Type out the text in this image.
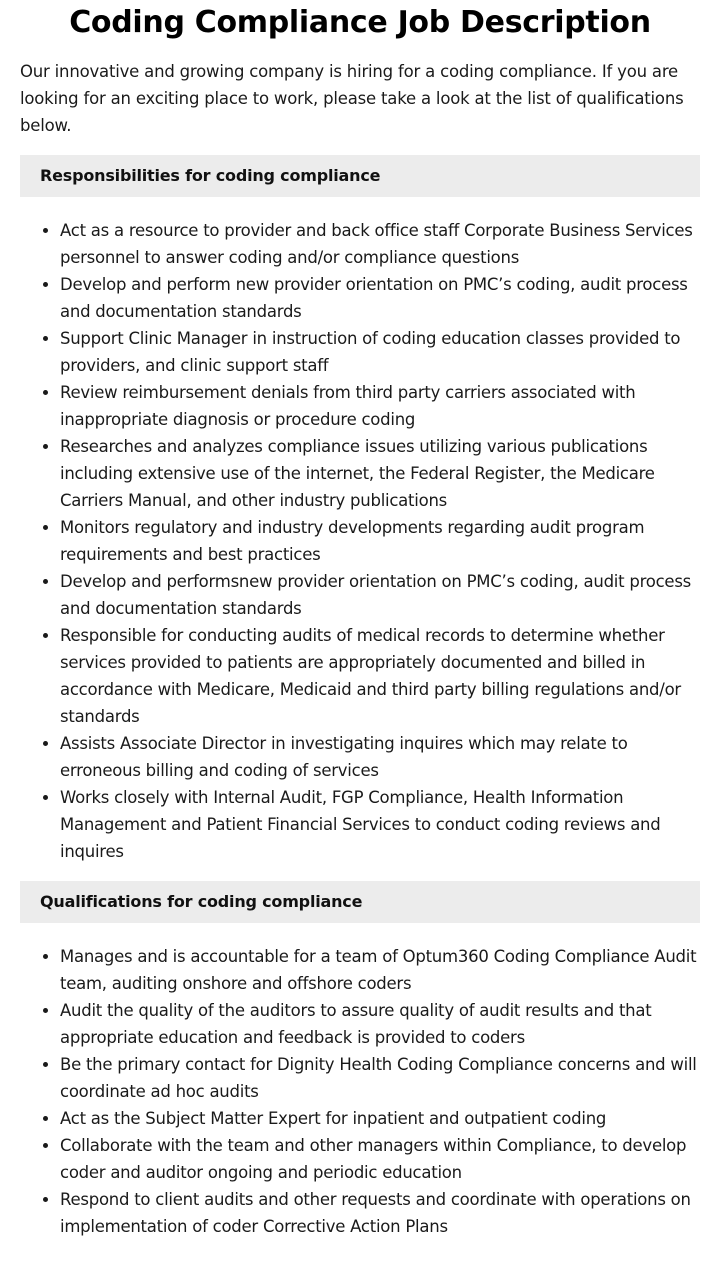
Coding Compliance Job Description

Our innovative and growing company is hiring for a coding compliance. If you are looking for an exciting place to work, please take a look at the list of qualifications below.

Responsibilities for coding compliance
• Act as a resource to provider and back office staff Corporate Business Services personnel to answer coding and/or compliance questions
• Develop and perform new provider orientation on PMC’s coding, audit process and documentation standards
• Support Clinic Manager in instruction of coding education classes provided to providers, and clinic support staff
• Review reimbursement denials from third party carriers associated with inappropriate diagnosis or procedure coding
• Researches and analyzes compliance issues utilizing various publications including extensive use of the internet, the Federal Register, the Medicare Carriers Manual, and other industry publications
• Monitors regulatory and industry developments regarding audit program requirements and best practices
• Develop and performsnew provider orientation on PMC’s coding, audit process and documentation standards
• Responsible for conducting audits of medical records to determine whether services provided to patients are appropriately documented and billed in accordance with Medicare, Medicaid and third party billing regulations and/or standards
• Assists Associate Director in investigating inquires which may relate to erroneous billing and coding of services
• Works closely with Internal Audit, FGP Compliance, Health Information Management and Patient Financial Services to conduct coding reviews and inquires
Qualifications for coding compliance
• Manages and is accountable for a team of Optum360 Coding Compliance Audit team, auditing onshore and offshore coders
• Audit the quality of the auditors to assure quality of audit results and that appropriate education and feedback is provided to coders
• Be the primary contact for Dignity Health Coding Compliance concerns and will coordinate ad hoc audits
• Act as the Subject Matter Expert for inpatient and outpatient coding
• Collaborate with the team and other managers within Compliance, to develop coder and auditor ongoing and periodic education
• Respond to client audits and other requests and coordinate with operations on implementation of coder Corrective Action Plans
